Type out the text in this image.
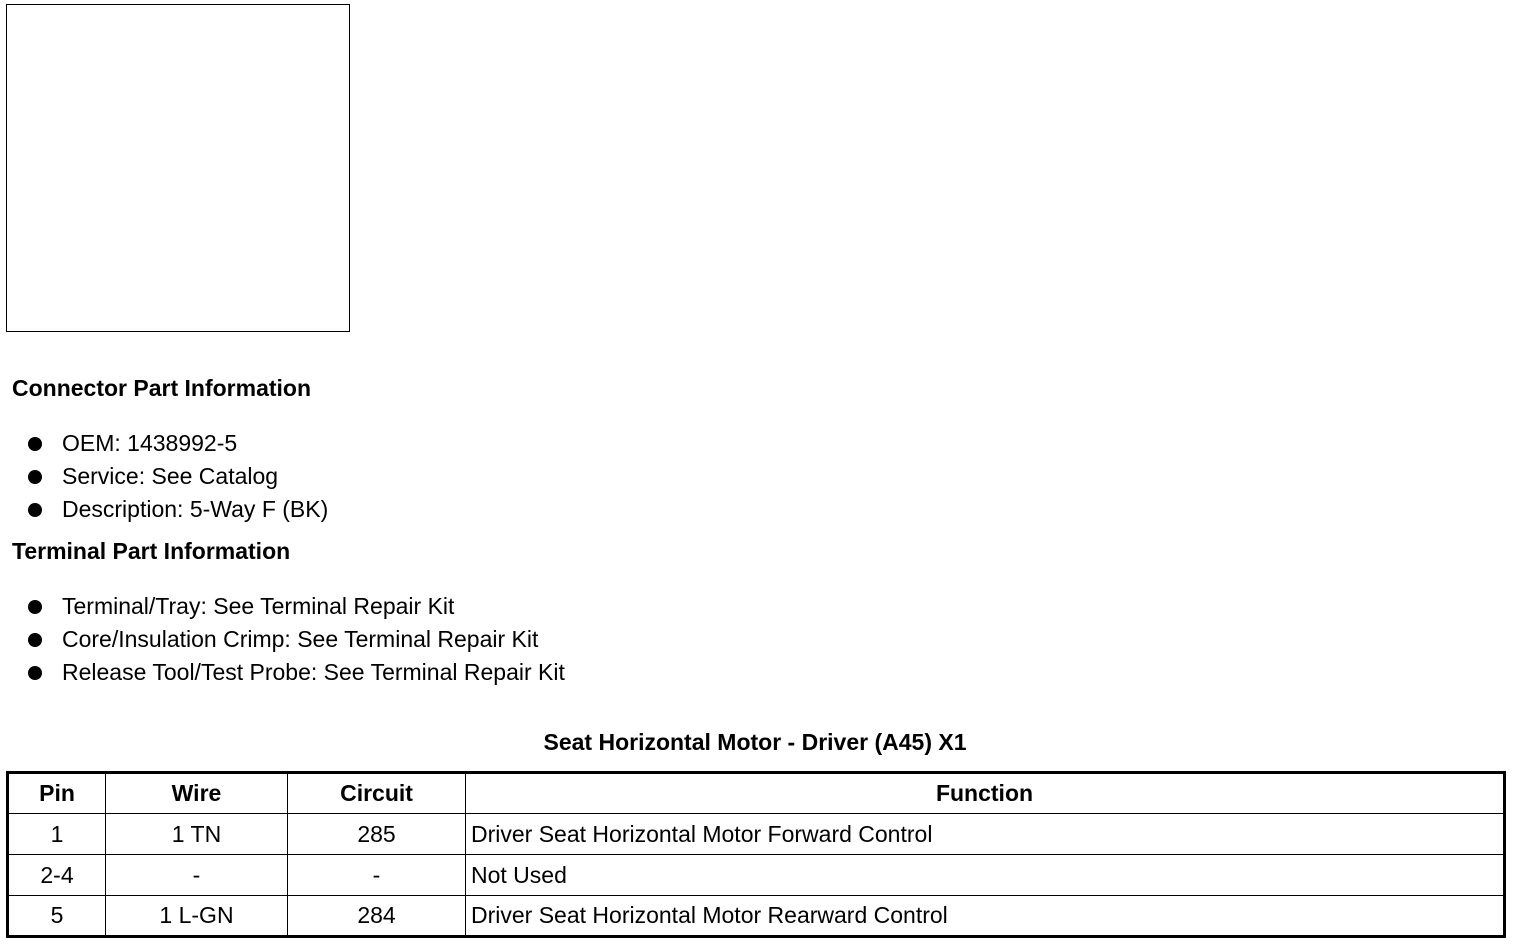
Connector Part Information
OEM: 1438992-5
Service: See Catalog
Description: 5-Way F (BK)
Terminal Part Information
Terminal/Tray: See Terminal Repair Kit
Core/Insulation Crimp: See Terminal Repair Kit
Release Tool/Test Probe: See Terminal Repair Kit
Seat Horizontal Motor - Driver (A45) X1
Pin	Wire	Circuit	Function
1	1 TN	285	Driver Seat Horizontal Motor Forward Control
2-4	-	-	Not Used
5	1 L-GN	284	Driver Seat Horizontal Motor Rearward Control
